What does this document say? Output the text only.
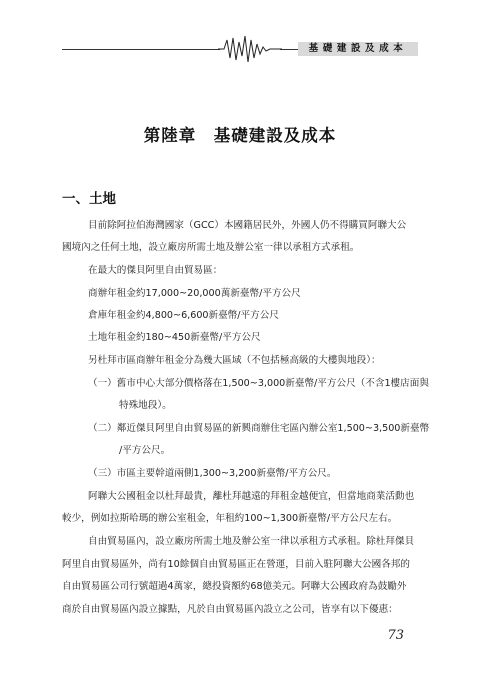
基礎建設及成本
第陸章　基礎建設及成本
一、土地
目前除阿拉伯海灣國家（GCC）本國籍居民外，外國人仍不得購買阿聯大公
國境內之任何土地，設立廠房所需土地及辦公室一律以承租方式承租。
在最大的傑貝阿里自由貿易區：
商辦年租金約17,000~20,000萬新臺幣/平方公尺
倉庫年租金約4,800~6,600新臺幣/平方公尺
土地年租金約180~450新臺幣/平方公尺
另杜拜市區商辦年租金分為幾大區域（不包括極高級的大樓與地段）：
（一）舊市中心大部分價格落在1,500~3,000新臺幣/平方公尺（不含1樓店面與
特殊地段）。
（二）鄰近傑貝阿里自由貿易區的新興商辦住宅區內辦公室1,500~3,500新臺幣
/平方公尺。
（三）市區主要幹道兩側1,300~3,200新臺幣/平方公尺。
阿聯大公國租金以杜拜最貴，離杜拜越遠的拜租金越便宜，但當地商業活動也
較少，例如拉斯哈瑪的辦公室租金，年租約100~1,300新臺幣/平方公尺左右。
自由貿易區內，設立廠房所需土地及辦公室一律以承租方式承租。除杜拜傑貝
阿里自由貿易區外，尚有10餘個自由貿易區正在營運，目前入駐阿聯大公國各邦的
自由貿易區公司行號超過4萬家，總投資額約68億美元。阿聯大公國政府為鼓勵外
商於自由貿易區內設立據點，凡於自由貿易區內設立之公司，皆享有以下優惠：
73
